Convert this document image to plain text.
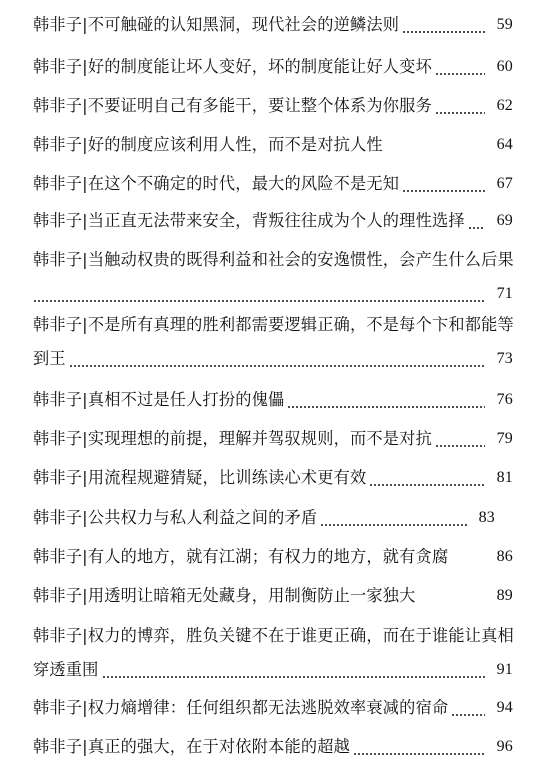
韩非子|不可触碰的认知黑洞，现代社会的逆鳞法则	59
韩非子|好的制度能让坏人变好，坏的制度能让好人变坏	60
韩非子|不要证明自己有多能干，要让整个体系为你服务	62
韩非子|好的制度应该利用人性，而不是对抗人性	64
韩非子|在这个不确定的时代，最大的风险不是无知	67
韩非子|当正直无法带来安全，背叛往往成为个人的理性选择	69
韩非子|当触动权贵的既得利益和社会的安逸惯性，会产生什么后果
71
韩非子|不是所有真理的胜利都需要逻辑正确，不是每个卞和都能等
到王	73
韩非子|真相不过是任人打扮的傀儡	76
韩非子|实现理想的前提，理解并驾驭规则，而不是对抗	79
韩非子|用流程规避猜疑，比训练读心术更有效	81
韩非子|公共权力与私人利益之间的矛盾	83
韩非子|有人的地方，就有江湖；有权力的地方，就有贪腐	86
韩非子|用透明让暗箱无处藏身，用制衡防止一家独大	89
韩非子|权力的博弈，胜负关键不在于谁更正确，而在于谁能让真相
穿透重围	91
韩非子|权力熵增律：任何组织都无法逃脱效率衰减的宿命	94
韩非子|真正的强大，在于对依附本能的超越	96
